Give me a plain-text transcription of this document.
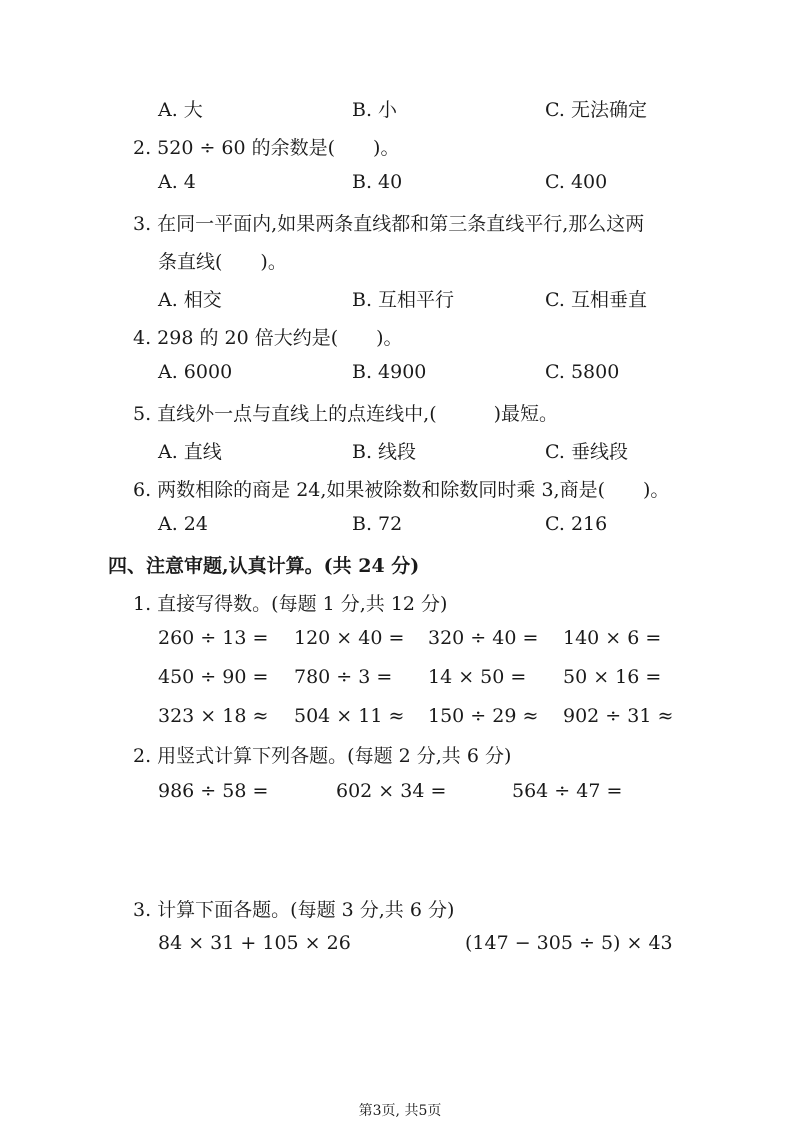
A. 大	B. 小	C. 无法确定
2. 520 ÷ 60 的余数是(　　)。
A. 4	B. 40	C. 400
3. 在同一平面内,如果两条直线都和第三条直线平行,那么这两
条直线(　　)。
A. 相交	B. 互相平行	C. 互相垂直
4. 298 的 20 倍大约是(　　)。
A. 6000	B. 4900	C. 5800
5. 直线外一点与直线上的点连线中,(　　　)最短。
A. 直线	B. 线段	C. 垂线段
6. 两数相除的商是 24,如果被除数和除数同时乘 3,商是(　　)。
A. 24	B. 72	C. 216
四、注意审题,认真计算。(共 24 分)
1. 直接写得数。(每题 1 分,共 12 分)
260 ÷ 13 = 120 × 40 = 320 ÷ 40 = 140 × 6 =
450 ÷ 90 = 780 ÷ 3 = 14 × 50 = 50 × 16 =
323 × 18 ≈ 504 × 11 ≈ 150 ÷ 29 ≈ 902 ÷ 31 ≈
2. 用竖式计算下列各题。(每题 2 分,共 6 分)
986 ÷ 58 =	602 × 34 =	564 ÷ 47 =
3. 计算下面各题。(每题 3 分,共 6 分)
84 × 31 + 105 × 26	(147 − 305 ÷ 5) × 43
第3页, 共5页
